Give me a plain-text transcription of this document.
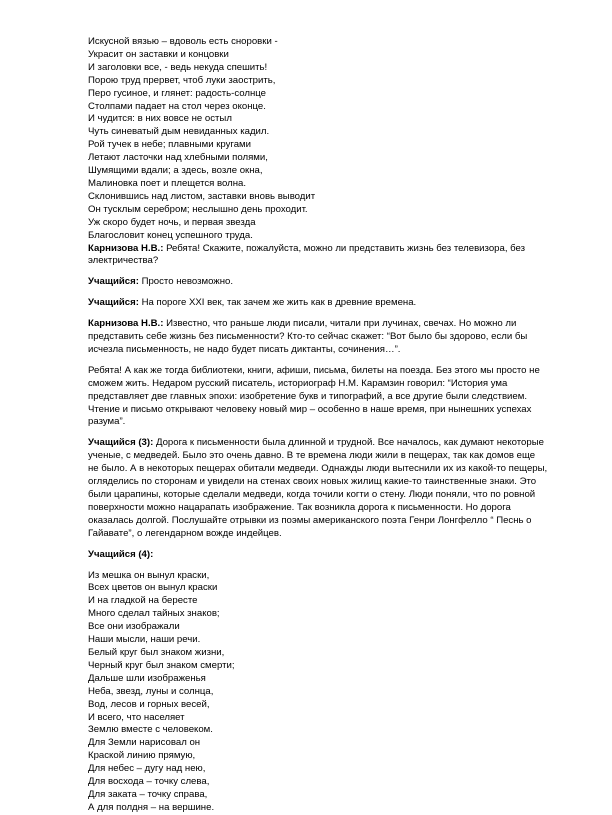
Искусной вязью – вдоволь есть сноровки -
Украсит он заставки и концовки
И заголовки все, - ведь некуда спешить!
Порою труд прервет, чтоб луки заострить,
Перо гусиное, и глянет: радость-солнце
Столпами падает на стол через оконце.
И чудится: в них вовсе не остыл
Чуть синеватый дым невиданных кадил.
Рой тучек в небе; плавными кругами
Летают ласточки над хлебными полями,
Шумящими вдали; а здесь, возле окна,
Малиновка поет и плещется волна.
Склонившись над листом, заставки вновь выводит
Он тусклым серебром; неслышно день проходит.
Уж скоро будет ночь, и первая звезда
Благословит конец успешного труда.
Карнизова Н.В.: Ребята! Скажите, пожалуйста, можно ли представить жизнь без телевизора, без электричества?
Учащийся: Просто невозможно.
Учащийся: На пороге XXI век, так зачем же жить как в древние времена.
Карнизова Н.В.: Известно, что раньше люди писали, читали при лучинах, свечах. Но можно ли представить себе жизнь без письменности? Кто-то сейчас скажет: “Вот было бы здорово, если бы исчезла письменность, не надо будет писать диктанты, сочинения…”.
Ребята! А как же тогда библиотеки, книги, афиши, письма, билеты на поезда. Без этого мы просто не сможем жить. Недаром русский писатель, историограф Н.М. Карамзин говорил: “История ума представляет две главных эпохи: изобретение букв и типографий, а все другие были следствием. Чтение и письмо открывают человеку новый мир – особенно в наше время, при нынешних успехах разума”.
Учащийся (3): Дорога к письменности была длинной и трудной. Все началось, как думают некоторые ученые, с медведей. Было это очень давно. В те времена люди жили в пещерах, так как домов еще не было. А в некоторых пещерах обитали медведи. Однажды люди вытеснили их из какой-то пещеры, огляделись по сторонам и увидели на стенах своих новых жилищ какие-то таинственные знаки. Это были царапины, которые сделали медведи, когда точили когти о стену. Люди поняли, что по ровной поверхности можно нацарапать изображение. Так возникла дорога к письменности. Но дорога оказалась долгой. Послушайте отрывки из поэмы американского поэта Генри Лонгфелло “ Песнь о Гайавате”, о легендарном вожде индейцев.
Учащийся (4):
Из мешка он вынул краски,
Всех цветов он вынул краски
И на гладкой на бересте
Много сделал тайных знаков;
Все они изображали
Наши мысли, наши речи.
Белый круг был знаком жизни,
Черный круг был знаком смерти;
Дальше шли изображенья
Неба, звезд, луны и солнца,
Вод, лесов и горных весей,
И всего, что населяет
Землю вместе с человеком.
Для Земли нарисовал он
Краской линию прямую,
Для небес – дугу над нею,
Для восхода – точку слева,
Для заката – точку справа,
А для полдня – на вершине.
